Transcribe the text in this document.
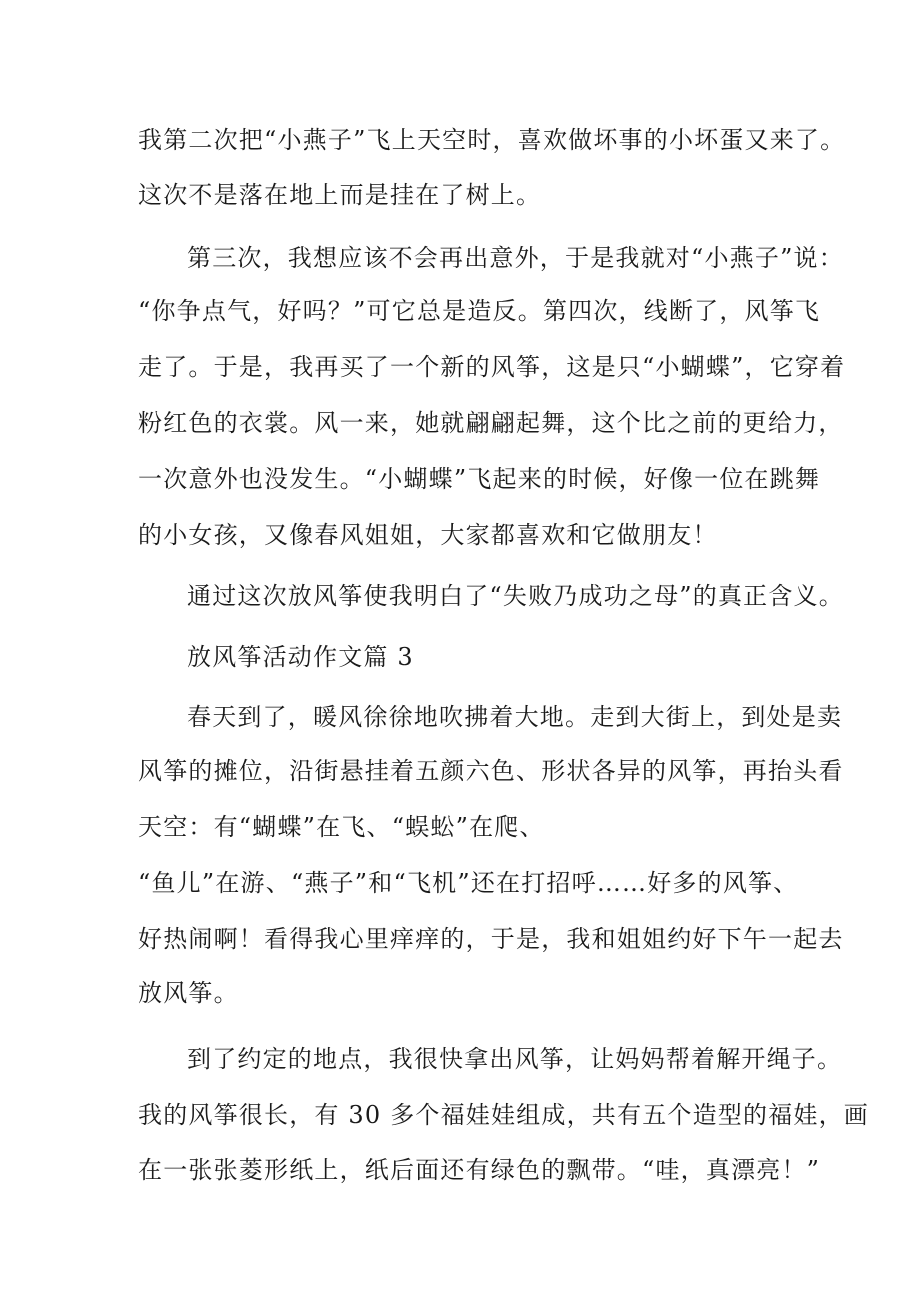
我第二次把“小燕子”飞上天空时，喜欢做坏事的小坏蛋又来了。
这次不是落在地上而是挂在了树上。
第三次，我想应该不会再出意外，于是我就对“小燕子”说：
“你争点气，好吗？”可它总是造反。第四次，线断了，风筝飞
走了。于是，我再买了一个新的风筝，这是只“小蝴蝶”，它穿着
粉红色的衣裳。风一来，她就翩翩起舞，这个比之前的更给力，
一次意外也没发生。“小蝴蝶”飞起来的时候，好像一位在跳舞
的小女孩，又像春风姐姐，大家都喜欢和它做朋友！
通过这次放风筝使我明白了“失败乃成功之母”的真正含义。
放风筝活动作文篇 3
春天到了，暖风徐徐地吹拂着大地。走到大街上，到处是卖
风筝的摊位，沿街悬挂着五颜六色、形状各异的风筝，再抬头看
天空：有“蝴蝶”在飞、“蜈蚣”在爬、
“鱼儿”在游、“燕子”和“飞机”还在打招呼……好多的风筝、
好热闹啊！看得我心里痒痒的，于是，我和姐姐约好下午一起去
放风筝。
到了约定的地点，我很快拿出风筝，让妈妈帮着解开绳子。
我的风筝很长，有 30 多个福娃娃组成，共有五个造型的福娃，画
在一张张菱形纸上，纸后面还有绿色的飘带。“哇，真漂亮！”
